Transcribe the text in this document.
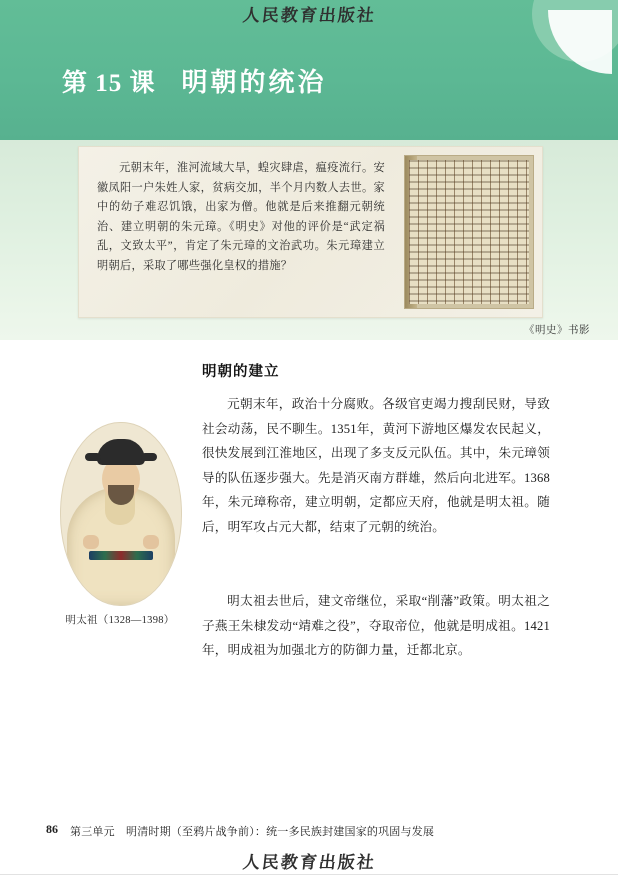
人民教育出版社
第 15 课 明朝的统治
元朝末年，淮河流域大旱，蝗灾肆虐，瘟疫流行。安徽凤阳一户朱姓人家，贫病交加，半个月内数人去世。家中的幼子难忍饥饿，出家为僧。他就是后来推翻元朝统治、建立明朝的朱元璋。《明史》对他的评价是“武定祸乱，文致太平”，肯定了朱元璋的文治武功。朱元璋建立明朝后，采取了哪些强化皇权的措施？
《明史》书影
明朝的建立
元朝末年，政治十分腐败。各级官吏竭力搜刮民财，导致社会动荡，民不聊生。1351年，黄河下游地区爆发农民起义，很快发展到江淮地区，出现了多支反元队伍。其中，朱元璋领导的队伍逐步强大。先是消灭南方群雄，然后向北进军。1368年，朱元璋称帝，建立明朝，定都应天府，他就是明太祖。随后，明军攻占元大都，结束了元朝的统治。
明太祖去世后，建文帝继位，采取“削藩”政策。明太祖之子燕王朱棣发动“靖难之役”，夺取帝位，他就是明成祖。1421年，明成祖为加强北方的防御力量，迁都北京。
明太祖（1328—1398）
86 第三单元　明清时期（至鸦片战争前）：统一多民族封建国家的巩固与发展
人民教育出版社
